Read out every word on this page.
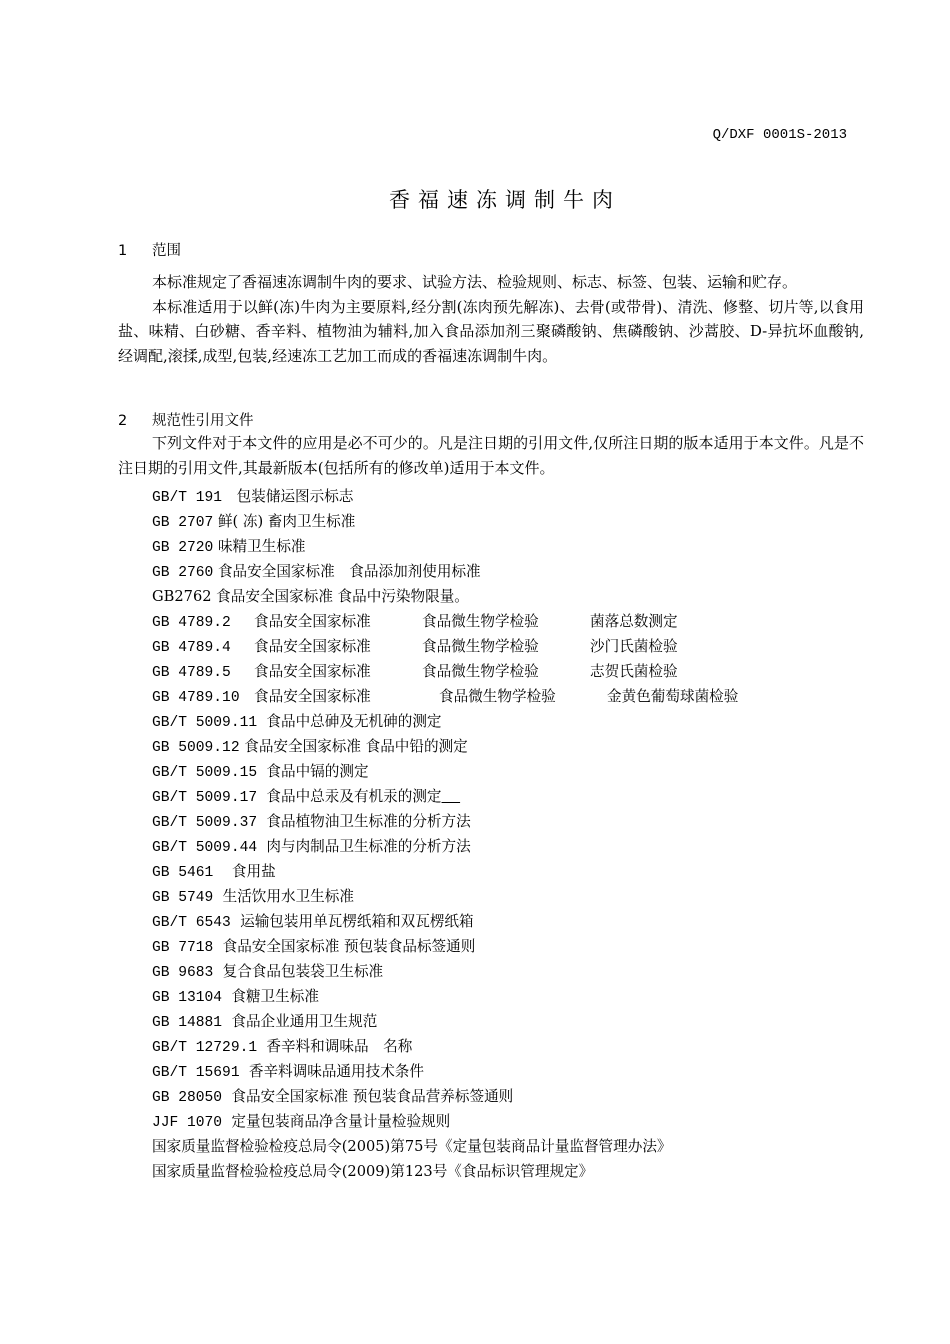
Q/DXF 0001S-2013
香福速冻调制牛肉
1 范围

本标准规定了香福速冻调制牛肉的要求、试验方法、检验规则、标志、标签、包装、运输和贮存。

本标准适用于以鲜(冻)牛肉为主要原料,经分割(冻肉预先解冻)、去骨(或带骨)、清洗、修整、切片等,以食用盐、味精、白砂糖、香辛料、植物油为辅料,加入食品添加剂三聚磷酸钠、焦磷酸钠、沙蒿胶、D-异抗坏血酸钠,经调配,滚揉,成型,包装,经速冻工艺加工而成的香福速冻调制牛肉。

2 规范性引用文件

下列文件对于本文件的应用是必不可少的。凡是注日期的引用文件,仅所注日期的版本适用于本文件。凡是不注日期的引用文件,其最新版本(包括所有的修改单)适用于本文件。

GB/T 191　 包装储运图示标志
GB 2707 鲜( 冻) 畜肉卫生标准
GB 2720 味精卫生标准
GB 2760 食品安全国家标准　食品添加剂使用标准
GB2762 食品安全国家标准 食品中污染物限量。
GB 4789.2 食品安全国家标准	食品微生物学检验	菌落总数测定
GB 4789.4 食品安全国家标准	食品微生物学检验	沙门氏菌检验
GB 4789.5 食品安全国家标准	食品微生物学检验	志贺氏菌检验
GB 4789.10 食品安全国家标准	食品微生物学检验	金黄色葡萄球菌检验
GB/T 5009.11 食品中总砷及无机砷的测定
GB 5009.12 食品安全国家标准 食品中铅的测定
GB/T 5009.15 食品中镉的测定
GB/T 5009.17 食品中总汞及有机汞的测定
GB/T 5009.37 食品植物油卫生标准的分析方法
GB/T 5009.44 肉与肉制品卫生标准的分析方法
GB 5461 食用盐
GB 5749 生活饮用水卫生标准
GB/T 6543 运输包装用单瓦楞纸箱和双瓦楞纸箱
GB 7718 食品安全国家标准 预包装食品标签通则
GB 9683 复合食品包装袋卫生标准
GB 13104 食糖卫生标准
GB 14881 食品企业通用卫生规范
GB/T 12729.1 香辛料和调味品　名称
GB/T 15691 香辛料调味品通用技术条件
GB 28050 食品安全国家标准 预包装食品营养标签通则
JJF 1070 定量包装商品净含量计量检验规则
国家质量监督检验检疫总局令(2005)第75号《定量包装商品计量监督管理办法》
国家质量监督检验检疫总局令(2009)第123号《食品标识管理规定》
